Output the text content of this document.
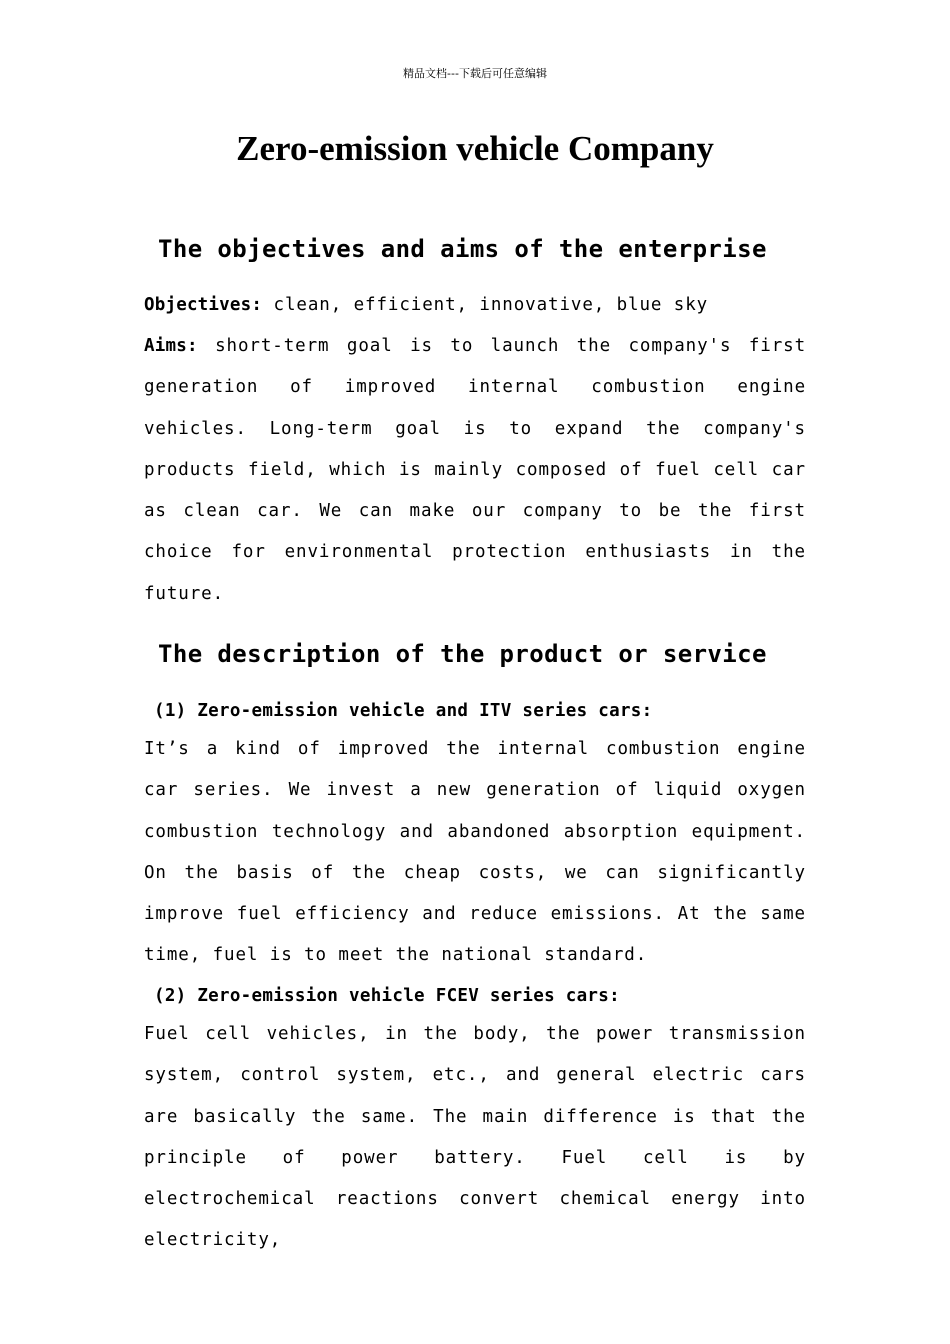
精品文档---下载后可任意编辑
Zero-emission vehicle Company
The objectives and aims of the enterprise

Objectives: clean, efficient, innovative, blue sky

Aims: short-term goal is to launch the company's first generation of improved internal combustion engine vehicles. Long-term goal is to expand the company's products field, which is mainly composed of fuel cell car as clean car. We can make our company to be the first choice for environmental protection enthusiasts in the future.

The description of the product or service
(1) Zero-emission vehicle and ITV series cars:

It’s a kind of improved the internal combustion engine car series. We invest a new generation of liquid oxygen combustion technology and abandoned absorption equipment. On the basis of the cheap costs, we can significantly improve fuel efficiency and reduce emissions. At the same time, fuel is to meet the national standard.

(2) Zero-emission vehicle FCEV series cars:

Fuel cell vehicles, in the body, the power transmission system, control system, etc., and general electric cars are basically the same. The main difference is that the principle of power battery. Fuel cell is by electrochemical reactions convert chemical energy into electricity,
